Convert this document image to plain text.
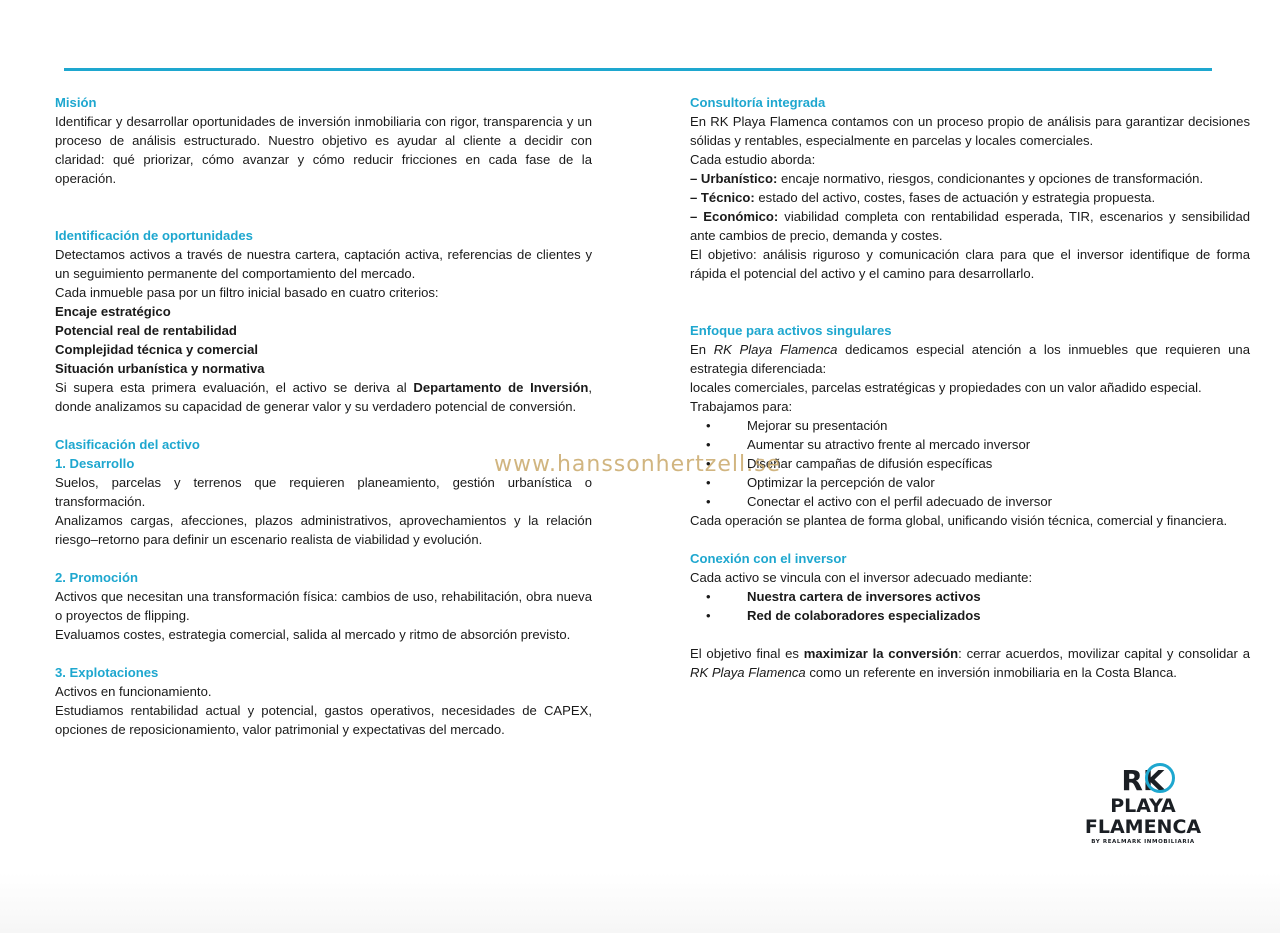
Misión

Identificar y desarrollar oportunidades de inversión inmobiliaria con rigor, transparencia y un proceso de análisis estructurado. Nuestro objetivo es ayudar al cliente a decidir con claridad: qué priorizar, cómo avanzar y cómo reducir fricciones en cada fase de la operación.

Identificación de oportunidades

Detectamos activos a través de nuestra cartera, captación activa, referencias de clientes y un seguimiento permanente del comportamiento del mercado.

Cada inmueble pasa por un filtro inicial basado en cuatro criterios:

Encaje estratégico

Potencial real de rentabilidad

Complejidad técnica y comercial

Situación urbanística y normativa

Si supera esta primera evaluación, el activo se deriva al Departamento de Inversión, donde analizamos su capacidad de generar valor y su verdadero potencial de conversión.

Clasificación del activo

1. Desarrollo

Suelos, parcelas y terrenos que requieren planeamiento, gestión urbanística o transformación.

Analizamos cargas, afecciones, plazos administrativos, aprovechamientos y la relación riesgo–retorno para definir un escenario realista de viabilidad y evolución.

2. Promoción

Activos que necesitan una transformación física: cambios de uso, rehabilitación, obra nueva o proyectos de flipping.

Evaluamos costes, estrategia comercial, salida al mercado y ritmo de absorción previsto.

3. Explotaciones

Activos en funcionamiento.

Estudiamos rentabilidad actual y potencial, gastos operativos, necesidades de CAPEX, opciones de reposicionamiento, valor patrimonial y expectativas del mercado.

Consultoría integrada

En RK Playa Flamenca contamos con un proceso propio de análisis para garantizar decisiones sólidas y rentables, especialmente en parcelas y locales comerciales.

Cada estudio aborda:

– Urbanístico: encaje normativo, riesgos, condicionantes y opciones de transformación.

– Técnico: estado del activo, costes, fases de actuación y estrategia propuesta.

– Económico: viabilidad completa con rentabilidad esperada, TIR, escenarios y sensibilidad ante cambios de precio, demanda y costes.

El objetivo: análisis riguroso y comunicación clara para que el inversor identifique de forma rápida el potencial del activo y el camino para desarrollarlo.

Enfoque para activos singulares

En RK Playa Flamenca dedicamos especial atención a los inmuebles que requieren una estrategia diferenciada:

locales comerciales, parcelas estratégicas y propiedades con un valor añadido especial.

Trabajamos para:

• Mejorar su presentación
• Aumentar su atractivo frente al mercado inversor
• Diseñar campañas de difusión específicas
• Optimizar la percepción de valor
• Conectar el activo con el perfil adecuado de inversor

Cada operación se plantea de forma global, unificando visión técnica, comercial y financiera.

Conexión con el inversor

Cada activo se vincula con el inversor adecuado mediante:

• Nuestra cartera de inversores activos
• Red de colaboradores especializados

El objetivo final es maximizar la conversión: cerrar acuerdos, movilizar capital y consolidar a RK Playa Flamenca como un referente en inversión inmobiliaria en la Costa Blanca.

www.hanssonhertzell.se
RK
PLAYA
FLAMENCA
BY REALMARK INMOBILIARIA
